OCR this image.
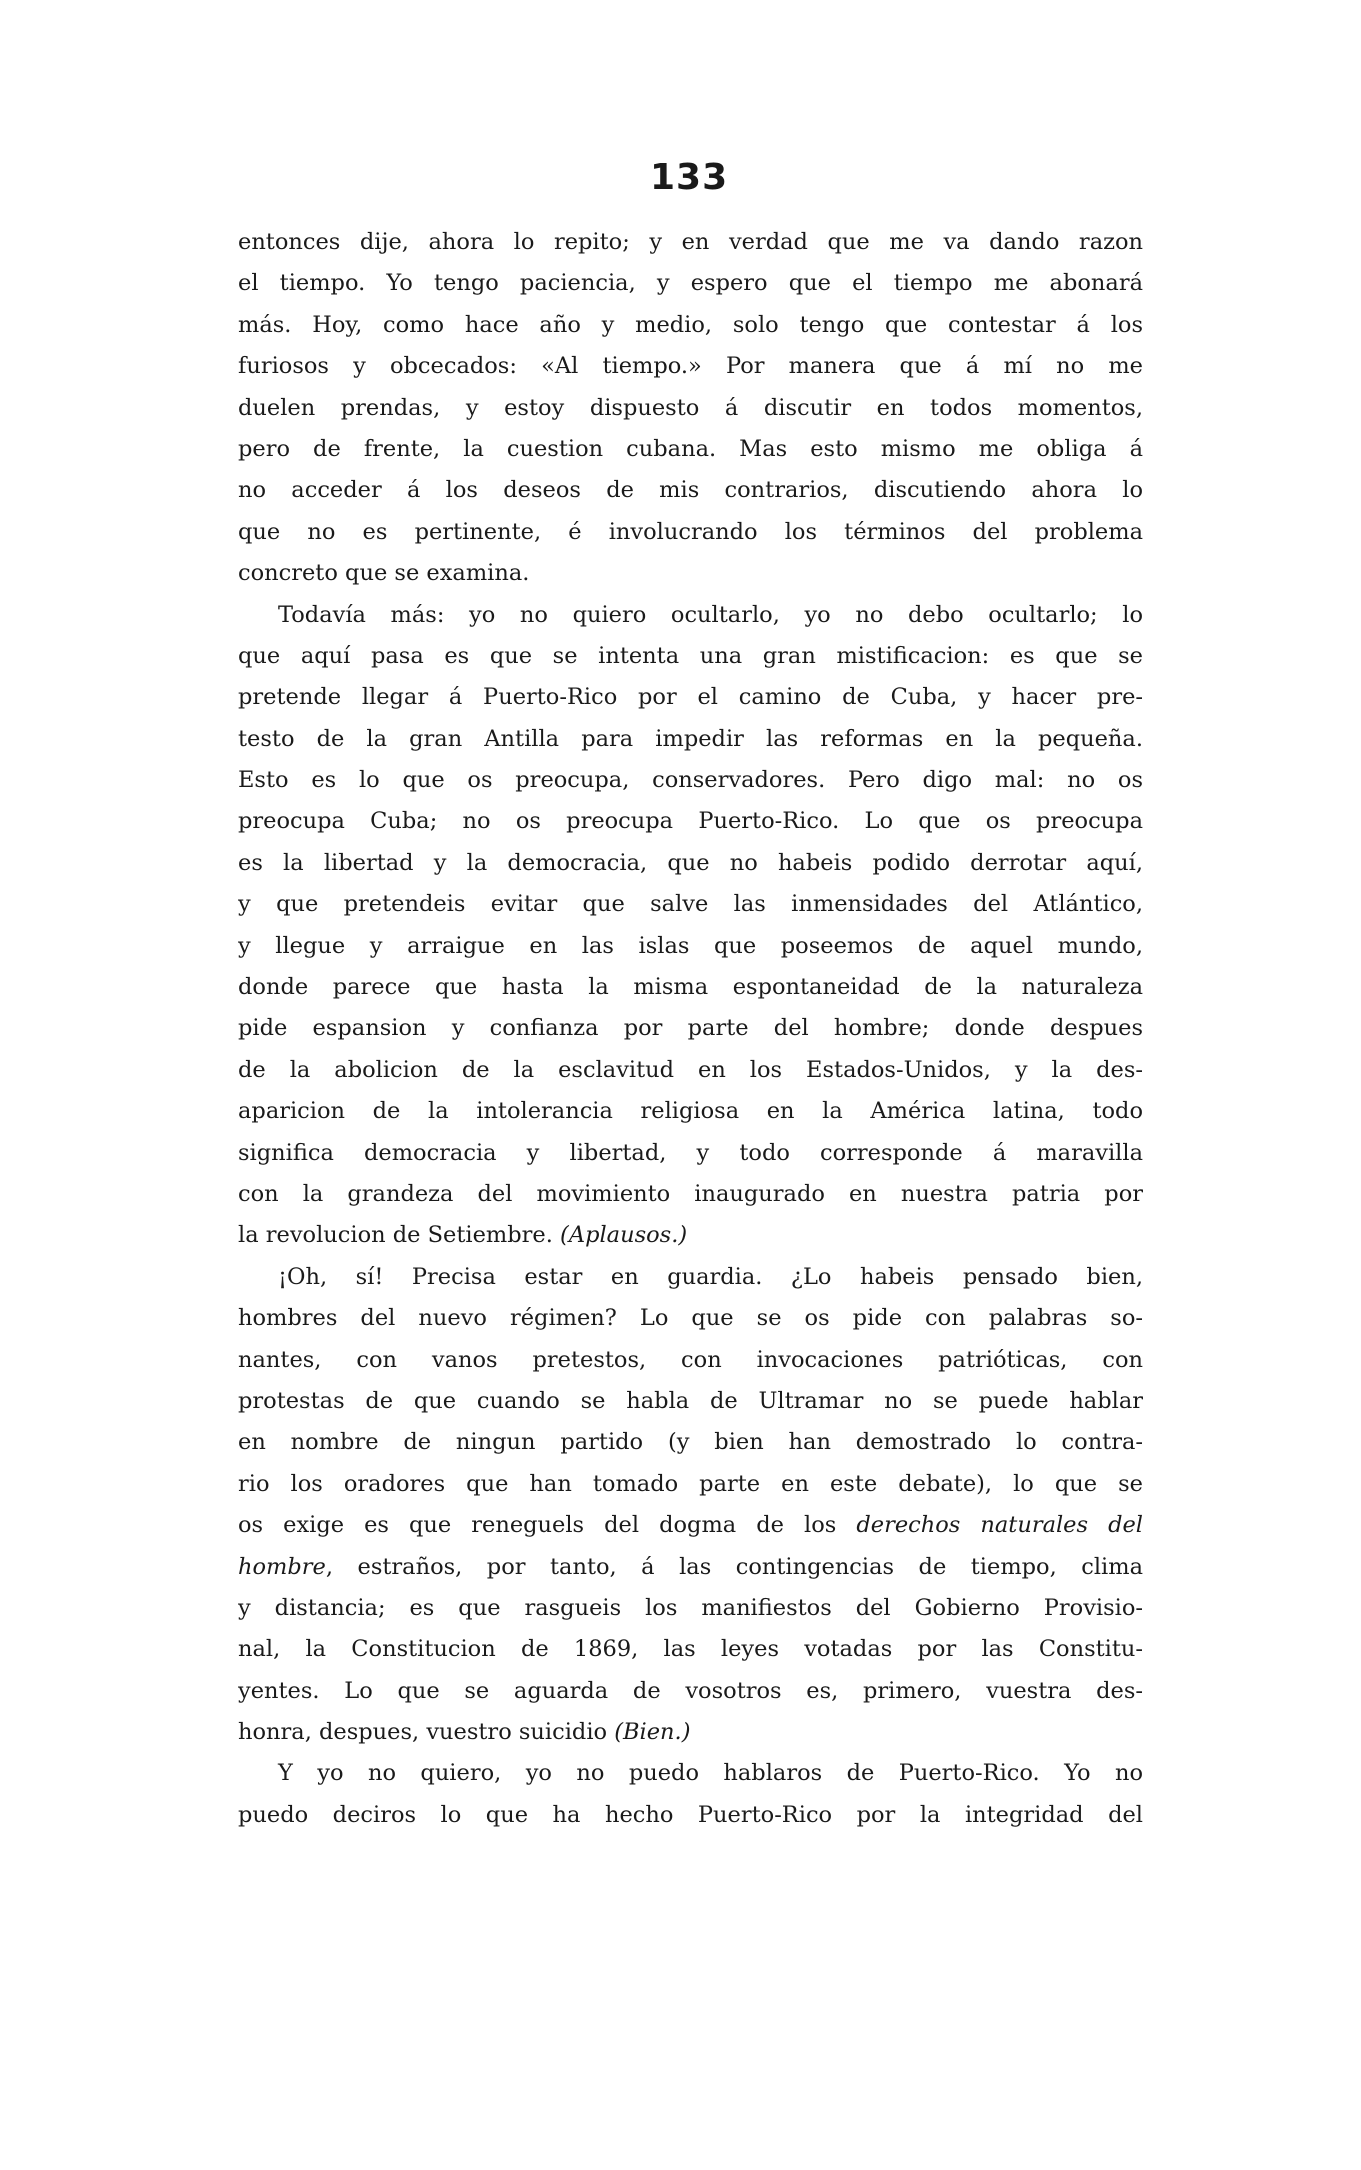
133
entonces dije, ahora lo repito; y en verdad que me va dando razon
el tiempo. Yo tengo paciencia, y espero que el tiempo me abonará
más. Hoy, como hace año y medio, solo tengo que contestar á los
furiosos y obcecados: «Al tiempo.» Por manera que á mí no me
duelen prendas, y estoy dispuesto á discutir en todos momentos,
pero de frente, la cuestion cubana. Mas esto mismo me obliga á
no acceder á los deseos de mis contrarios, discutiendo ahora lo
que no es pertinente, é involucrando los términos del problema
concreto que se examina.
Todavía más: yo no quiero ocultarlo, yo no debo ocultarlo; lo
que aquí pasa es que se intenta una gran mistificacion: es que se
pretende llegar á Puerto-Rico por el camino de Cuba, y hacer pre-
testo de la gran Antilla para impedir las reformas en la pequeña.
Esto es lo que os preocupa, conservadores. Pero digo mal: no os
preocupa Cuba; no os preocupa Puerto-Rico. Lo que os preocupa
es la libertad y la democracia, que no habeis podido derrotar aquí,
y que pretendeis evitar que salve las inmensidades del Atlántico,
y llegue y arraigue en las islas que poseemos de aquel mundo,
donde parece que hasta la misma espontaneidad de la naturaleza
pide espansion y confianza por parte del hombre; donde despues
de la abolicion de la esclavitud en los Estados-Unidos, y la des-
aparicion de la intolerancia religiosa en la América latina, todo
significa democracia y libertad, y todo corresponde á maravilla
con la grandeza del movimiento inaugurado en nuestra patria por
la revolucion de Setiembre. (Aplausos.)
¡Oh, sí! Precisa estar en guardia. ¿Lo habeis pensado bien,
hombres del nuevo régimen? Lo que se os pide con palabras so-
nantes, con vanos pretestos, con invocaciones patrióticas, con
protestas de que cuando se habla de Ultramar no se puede hablar
en nombre de ningun partido (y bien han demostrado lo contra-
rio los oradores que han tomado parte en este debate), lo que se
os exige es que reneguels del dogma de los derechos naturales del
hombre, estraños, por tanto, á las contingencias de tiempo, clima
y distancia; es que rasgueis los manifiestos del Gobierno Provisio-
nal, la Constitucion de 1869, las leyes votadas por las Constitu-
yentes. Lo que se aguarda de vosotros es, primero, vuestra des-
honra, despues, vuestro suicidio (Bien.)
Y yo no quiero, yo no puedo hablaros de Puerto-Rico. Yo no
puedo deciros lo que ha hecho Puerto-Rico por la integridad del
